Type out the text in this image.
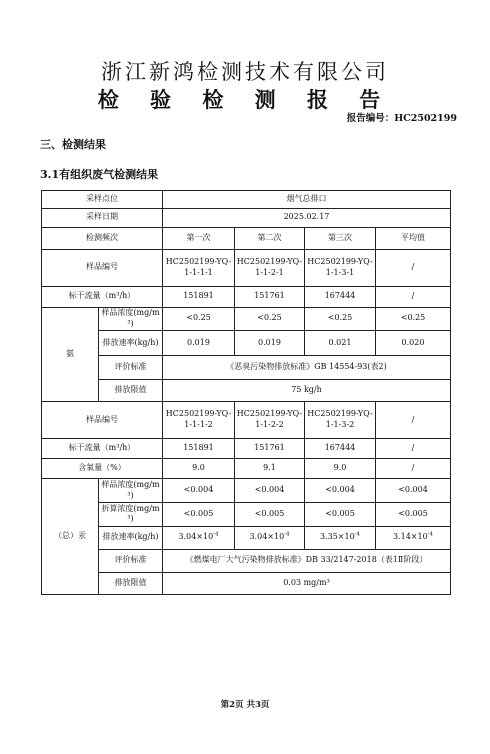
浙江新鸿检测技术有限公司
检 验 检 测 报 告
报告编号：HC2502199
三、检测结果
3.1有组织废气检测结果
采样点位		烟气总排口			
采样日期		2025.02.17			
检测频次		第一次	第二次	第三次	平均值
样品编号		HC2502199-YQ-1-1-1-1	HC2502199-YQ-1-1-2-1	HC2502199-YQ-1-1-3-1	/
标干流量（m³/h）		151891	151761	167444	/
氨	样品浓度(mg/m³)	<0.25	<0.25	<0.25	<0.25
	排放速率(kg/h)	0.019	0.019	0.021	0.020
	评价标准	《恶臭污染物排放标准》GB 14554-93(表2)			
	排放限值	75 kg/h			
样品编号		HC2502199-YQ-1-1-1-2	HC2502199-YQ-1-1-2-2	HC2502199-YQ-1-1-3-2	/
标干流量（m³/h）		151891	151761	167444	/
含氧量（%）		9.0	9.1	9.0	/
（总）汞	样品浓度(mg/m³)	<0.004	<0.004	<0.004	<0.004
	折算浓度(mg/m³)	<0.005	<0.005	<0.005	<0.005
	排放速率(kg/h)	$3.04\times 10^{-4}$	$3.04\times 10^{-4}$	$3.35\times 10^{-4}$	$3.14\times 10^{-4}$
	评价标准	《燃煤电厂大气污染物排放标准》DB 33/2147-2018（表1Ⅱ阶段）			
	排放限值	0.03 mg/m³			
第2页 共3页
